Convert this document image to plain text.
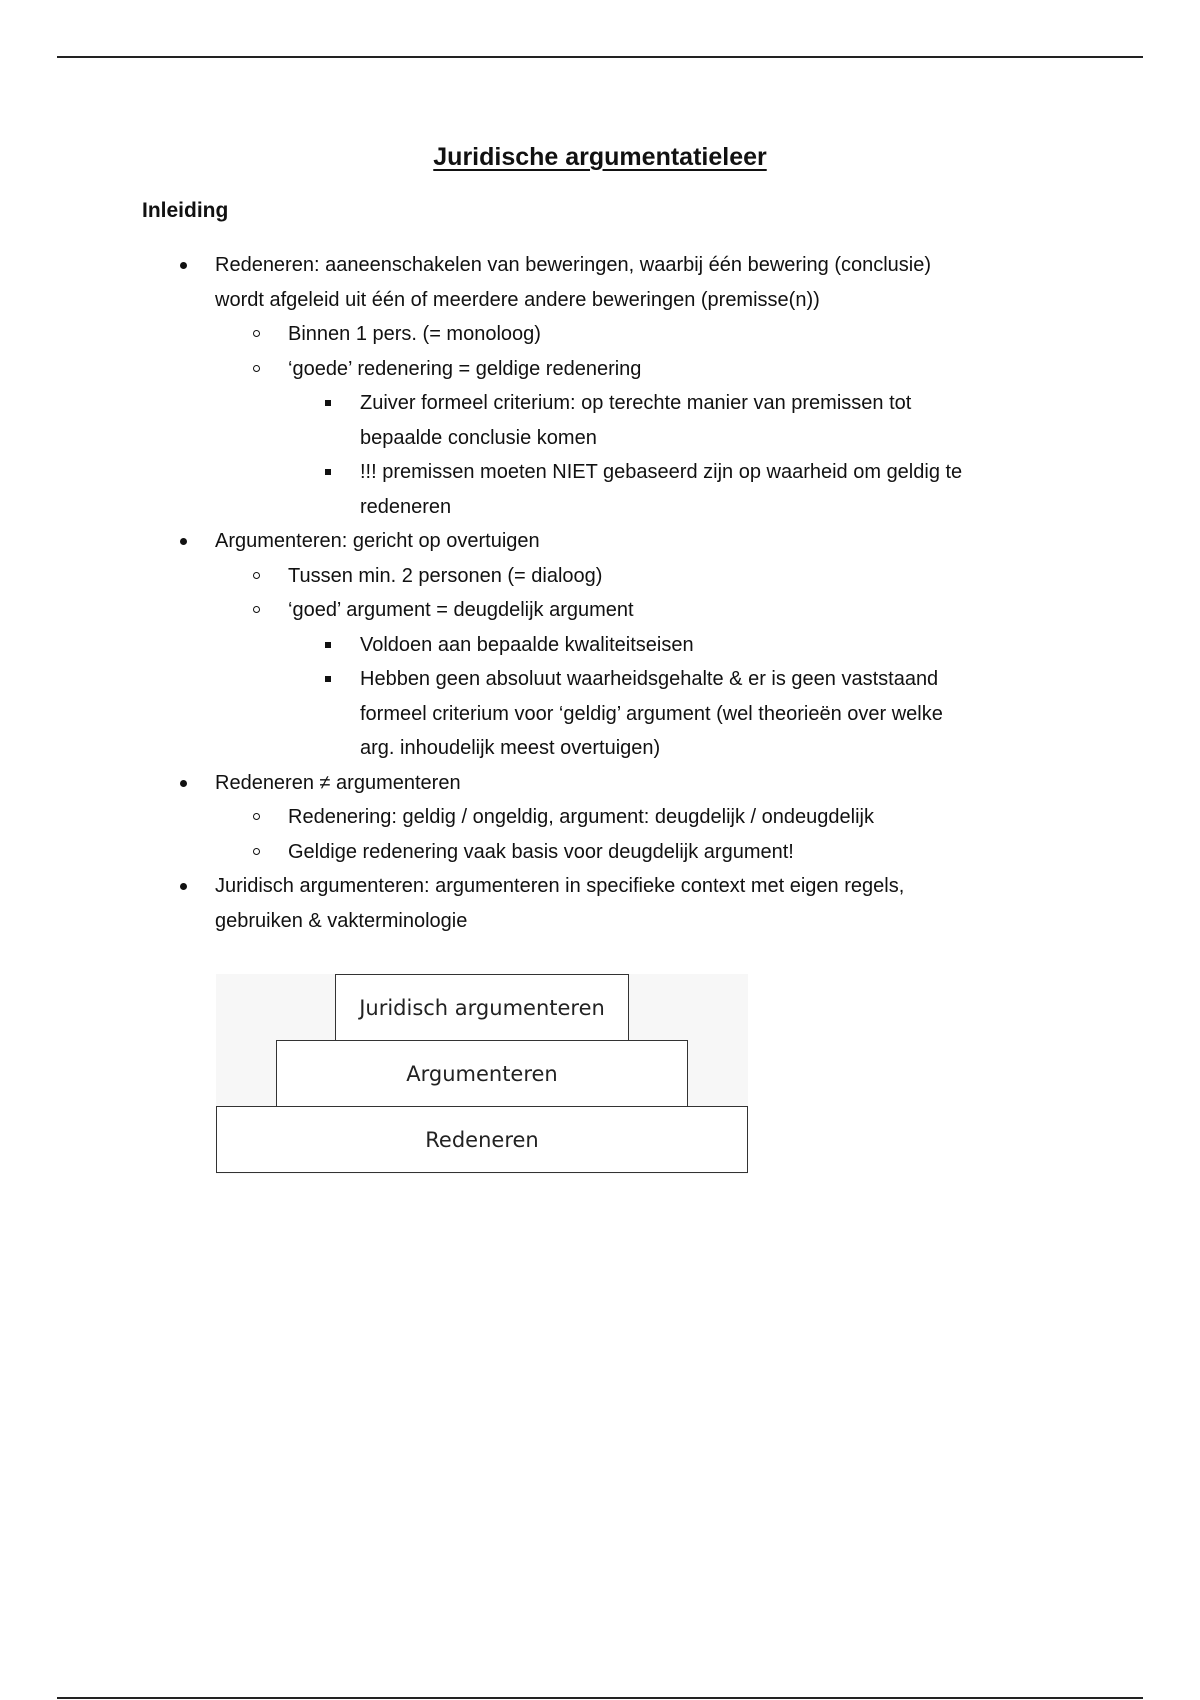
Juridische argumentatieleer
Inleiding
Redeneren: aaneenschakelen van beweringen, waarbij één bewering (conclusie)
wordt afgeleid uit één of meerdere andere beweringen (premisse(n))
Binnen 1 pers. (= monoloog)
‘goede’ redenering = geldige redenering
Zuiver formeel criterium: op terechte manier van premissen tot
bepaalde conclusie komen
!!! premissen moeten NIET gebaseerd zijn op waarheid om geldig te
redeneren
Argumenteren: gericht op overtuigen
Tussen min. 2 personen (= dialoog)
‘goed’ argument = deugdelijk argument
Voldoen aan bepaalde kwaliteitseisen
Hebben geen absoluut waarheidsgehalte & er is geen vaststaand
formeel criterium voor ‘geldig’ argument (wel theorieën over welke
arg. inhoudelijk meest overtuigen)
Redeneren ≠ argumenteren
Redenering: geldig / ongeldig, argument: deugdelijk / ondeugdelijk
Geldige redenering vaak basis voor deugdelijk argument!
Juridisch argumenteren: argumenteren in specifieke context met eigen regels,
gebruiken & vakterminologie
Juridisch argumenteren
Argumenteren
Redeneren
